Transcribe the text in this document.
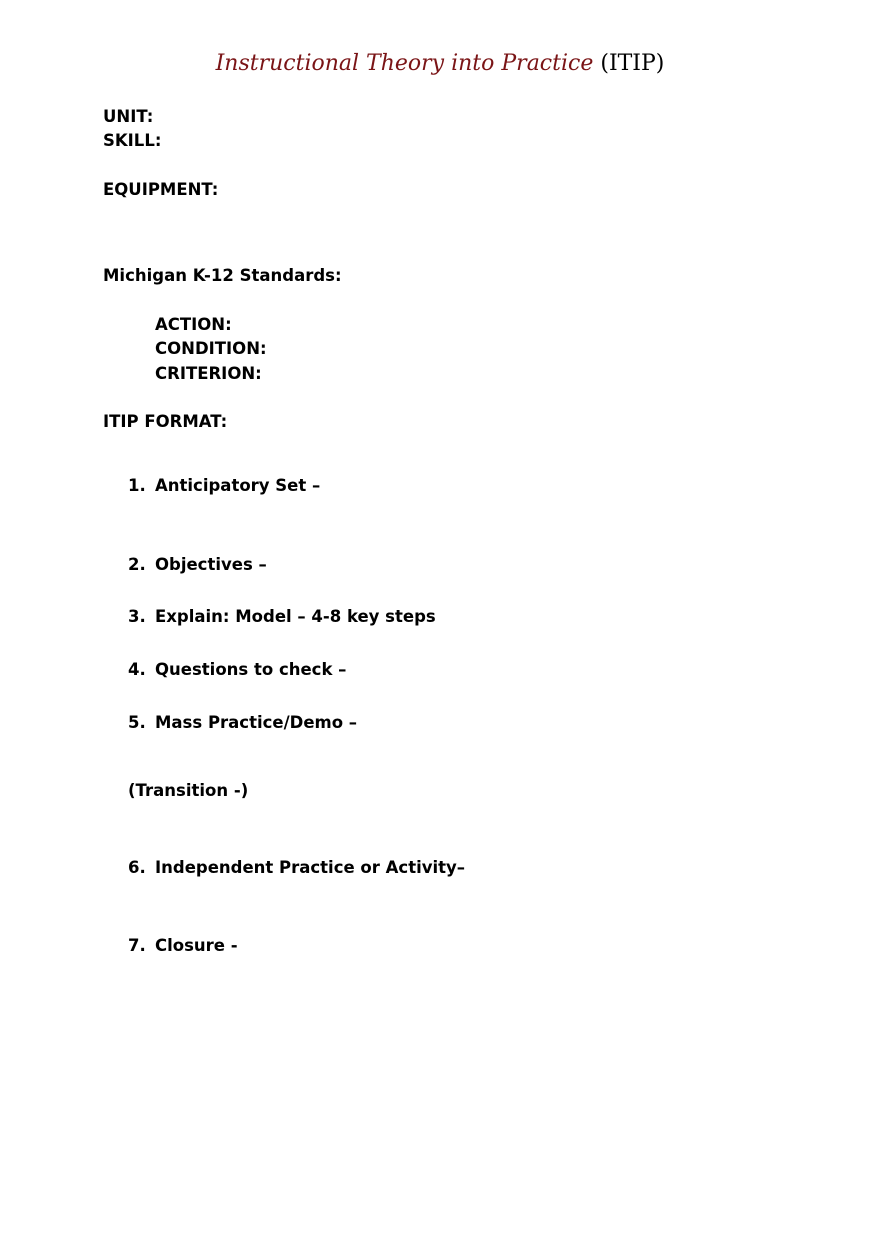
Instructional Theory into Practice (ITIP)
UNIT:
SKILL:
EQUIPMENT:
Michigan K-12 Standards:
ACTION:
CONDITION:
CRITERION:
ITIP FORMAT:
1. Anticipatory Set –
2. Objectives –
3. Explain: Model – 4-8 key steps
4. Questions to check –
5. Mass Practice/Demo –
(Transition -)
6. Independent Practice or Activity–
7. Closure -
